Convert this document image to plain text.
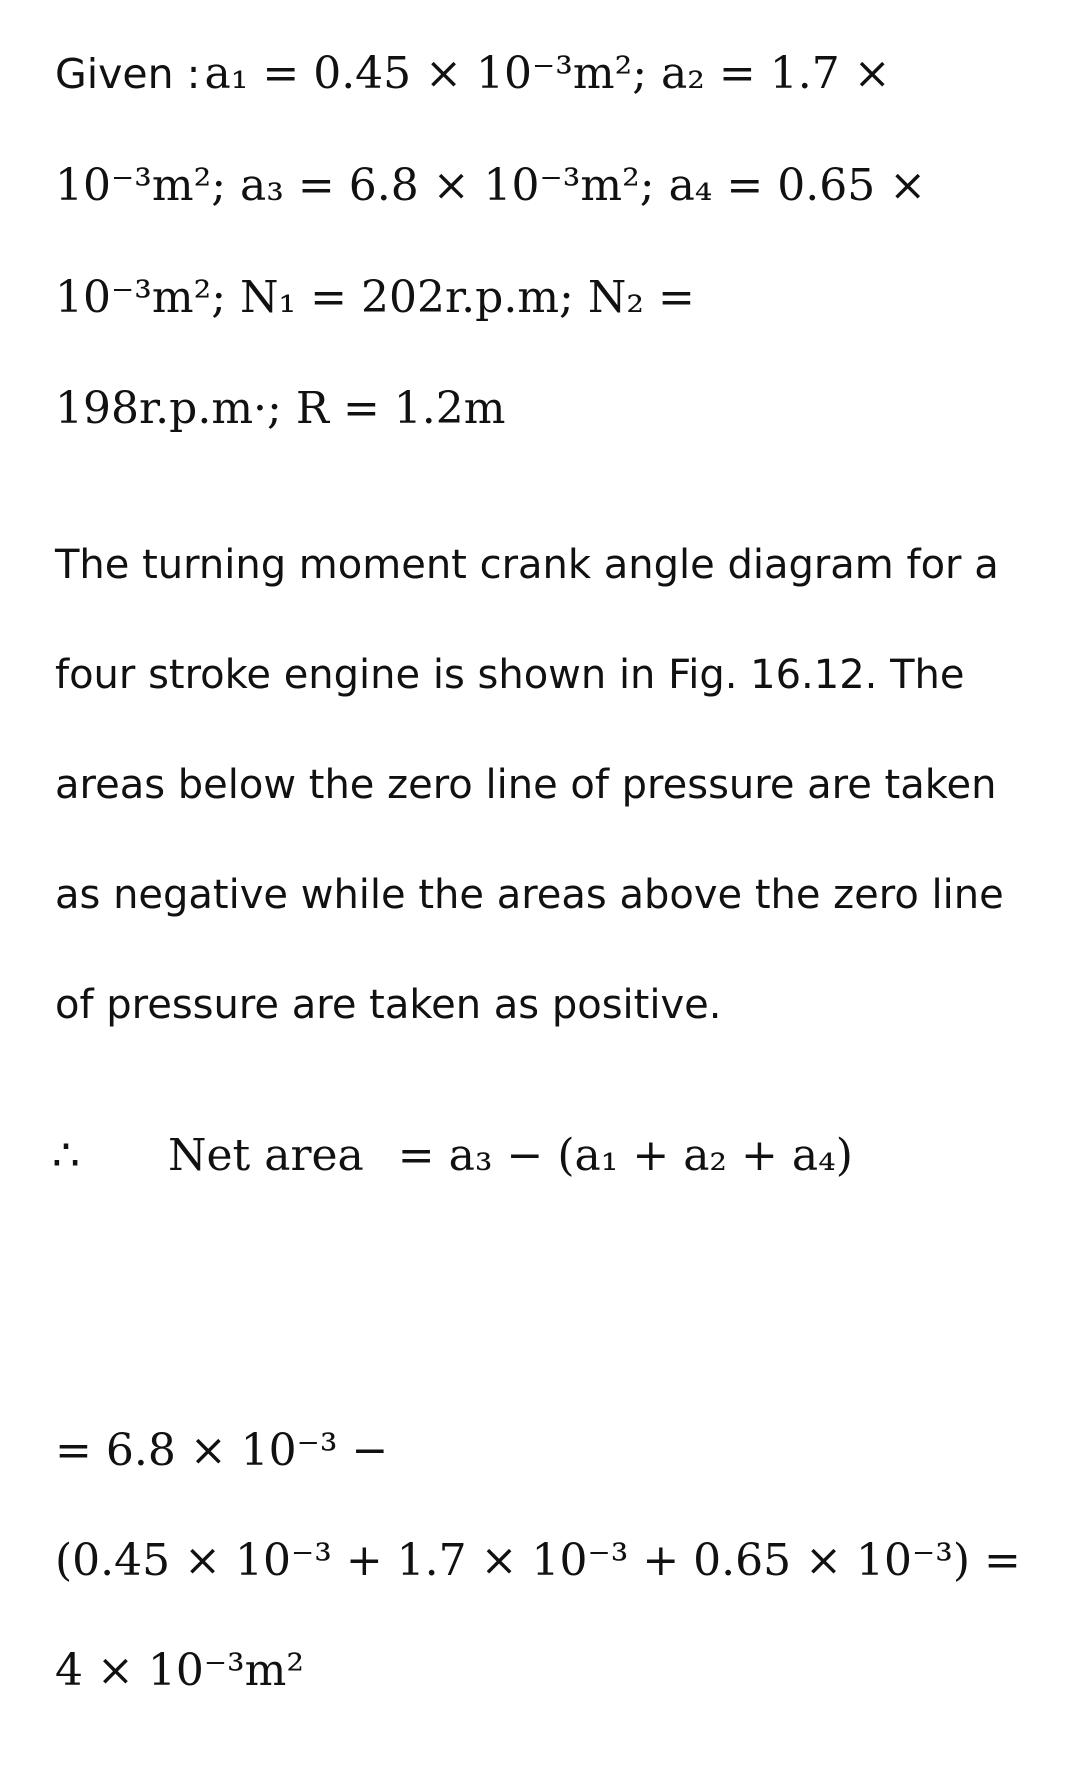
Given : a₁ = 0.45 × 10⁻³m²; a₂ = 1.7 ×
10⁻³m²; a₃ = 6.8 × 10⁻³m²; a₄ = 0.65 ×
10⁻³m²; N₁ = 202r.p.m; N₂ =
198r.p.m·; R = 1.2m
The turning moment crank angle diagram for a four stroke engine is shown in Fig. 16.12. The areas below the zero line of pressure are taken as negative while the areas above the zero line of pressure are taken as positive.
∴ Net area = a₃ − (a₁ + a₂ + a₄)
= 6.8 × 10⁻³ −
(0.45 × 10⁻³ + 1.7 × 10⁻³ + 0.65 × 10⁻³) =
4 × 10⁻³m²
